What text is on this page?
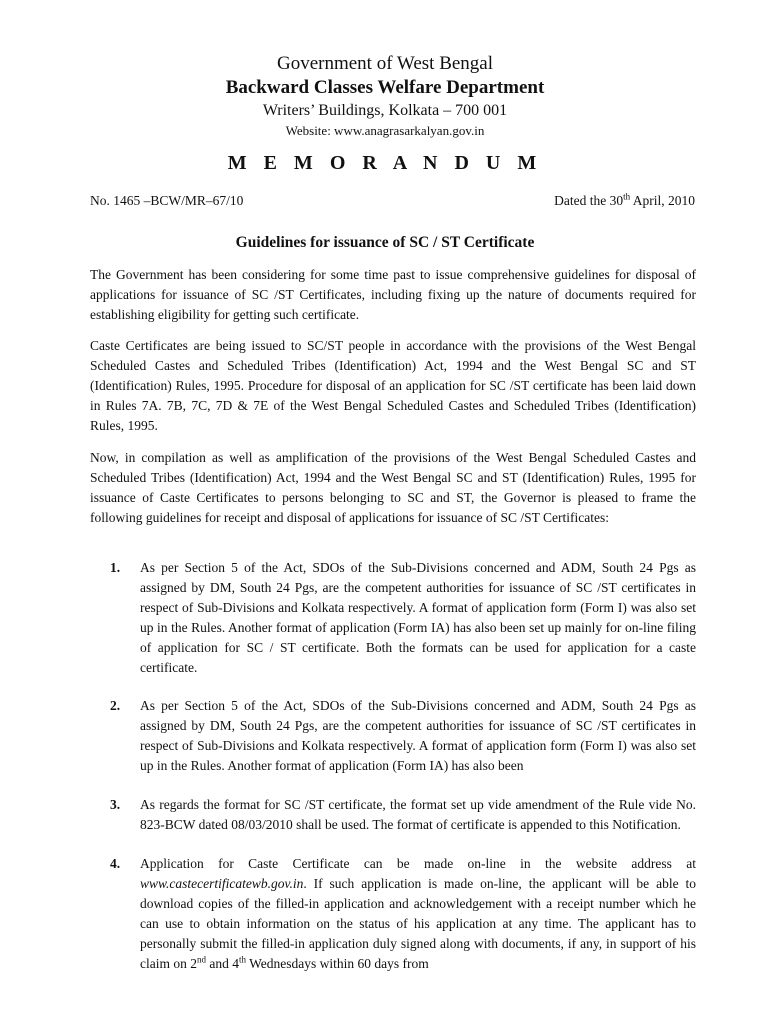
Government of West Bengal
Backward Classes Welfare Department
Writers’ Buildings, Kolkata – 700 001
Website: www.anagrasarkalyan.gov.in
M E M O R A N D U M
No. 1465 –BCW/MR–67/10	Dated the 30th April, 2010
Guidelines for issuance of SC / ST Certificate

The Government has been considering for some time past to issue comprehensive guidelines for disposal of applications for issuance of SC /ST Certificates, including fixing up the nature of documents required for establishing eligibility for getting such certificate.

Caste Certificates are being issued to SC/ST people in accordance with the provisions of the West Bengal Scheduled Castes and Scheduled Tribes (Identification) Act, 1994 and the West Bengal SC and ST (Identification) Rules, 1995. Procedure for disposal of an application for SC /ST certificate has been laid down in Rules 7A. 7B, 7C, 7D & 7E of the West Bengal Scheduled Castes and Scheduled Tribes (Identification) Rules, 1995.

Now, in compilation as well as amplification of the provisions of the West Bengal Scheduled Castes and Scheduled Tribes (Identification) Act, 1994 and the West Bengal SC and ST (Identification) Rules, 1995 for issuance of Caste Certificates to persons belonging to SC and ST, the Governor is pleased to frame the following guidelines for receipt and disposal of applications for issuance of SC /ST Certificates:

1.	As per Section 5 of the Act, SDOs of the Sub-Divisions concerned and ADM, South 24 Pgs as assigned by DM, South 24 Pgs, are the competent authorities for issuance of SC /ST certificates in respect of Sub-Divisions and Kolkata respectively. A format of application form (Form I) was also set up in the Rules. Another format of application (Form IA) has also been set up mainly for on-line filing of application for SC / ST certificate. Both the formats can be used for application for a caste certificate.
2.	As per Section 5 of the Act, SDOs of the Sub-Divisions concerned and ADM, South 24 Pgs as assigned by DM, South 24 Pgs, are the competent authorities for issuance of SC /ST certificates in respect of Sub-Divisions and Kolkata respectively. A format of application form (Form I) was also set up in the Rules. Another format of application (Form IA) has also been
3.	As regards the format for SC /ST certificate, the format set up vide amendment of the Rule vide No. 823-BCW dated 08/03/2010 shall be used. The format of certificate is appended to this Notification.
4.	Application for Caste Certificate can be made on-line in the website address at www.castecertificatewb.gov.in. If such application is made on-line, the applicant will be able to download copies of the filled-in application and acknowledgement with a receipt number which he can use to obtain information on the status of his application at any time. The applicant has to personally submit the filled-in application duly signed along with documents, if any, in support of his claim on 2nd and 4th Wednesdays within 60 days from
